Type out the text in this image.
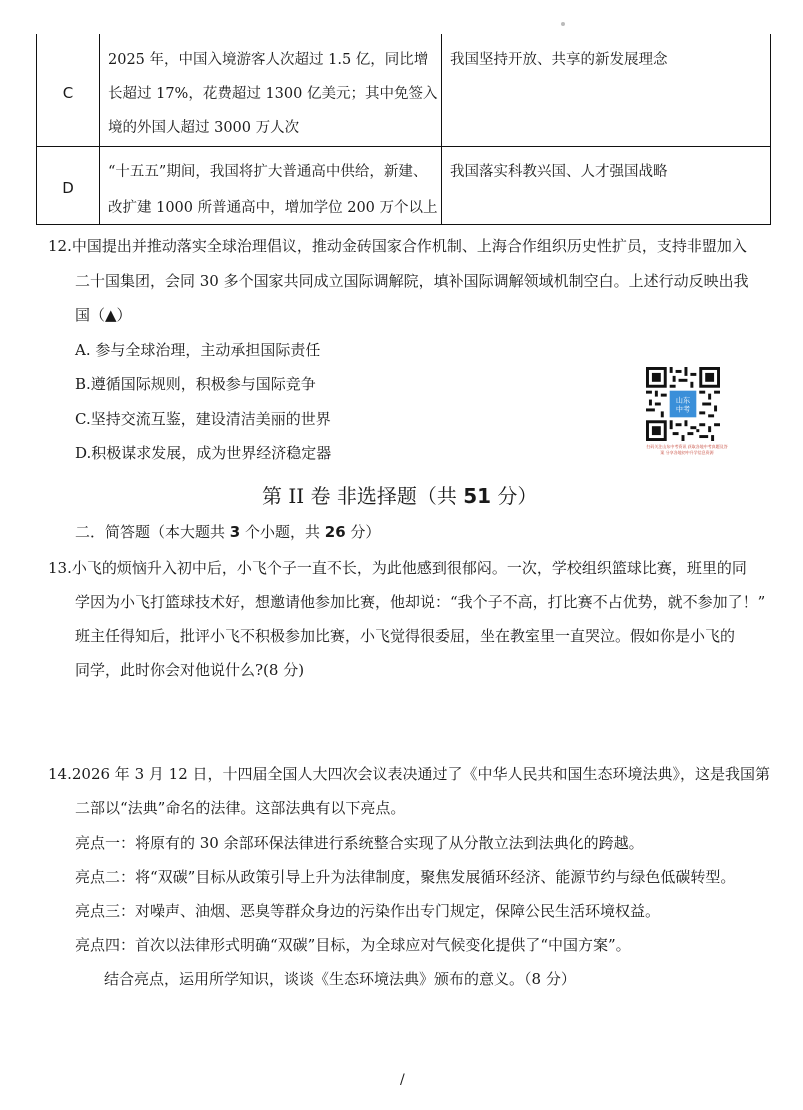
C
2025 年，中国入境游客人次超过 1.5 亿，同比增
长超过 17%，花费超过 1300 亿美元；其中免签入
境的外国人超过 3000 万人次
我国坚持开放、共享的新发展理念
D
“十五五”期间，我国将扩大普通高中供给，新建、
改扩建 1000 所普通高中，增加学位 200 万个以上
我国落实科教兴国、人才强国战略
12.中国提出并推动落实全球治理倡议，推动金砖国家合作机制、上海合作组织历史性扩员，支持非盟加入
二十国集团，会同 30 多个国家共同成立国际调解院，填补国际调解领域机制空白。上述行动反映出我
国（▲）
A. 参与全球治理，主动承担国际责任
B.遵循国际规则，积极参与国际竞争
C.坚持交流互鉴，建设清洁美丽的世界
D.积极谋求发展，成为世界经济稳定器
山东
中考
扫码关注山东中考资讯 获取各地中考真题及答案 分享各地初中升学信息资源
第 II 卷 非选择题（共 51 分）
二．简答题（本大题共 3 个小题，共 26 分）
13.小飞的烦恼升入初中后，小飞个子一直不长，为此他感到很郁闷。一次，学校组织篮球比赛，班里的同
学因为小飞打篮球技术好，想邀请他参加比赛，他却说：“我个子不高，打比赛不占优势，就不参加了！”
班主任得知后，批评小飞不积极参加比赛，小飞觉得很委屈，坐在教室里一直哭泣。假如你是小飞的
同学，此时你会对他说什么?(8 分)
14.2026 年 3 月 12 日，十四届全国人大四次会议表决通过了《中华人民共和国生态环境法典》，这是我国第
二部以“法典”命名的法律。这部法典有以下亮点。
亮点一：将原有的 30 余部环保法律进行系统整合实现了从分散立法到法典化的跨越。
亮点二：将“双碳”目标从政策引导上升为法律制度，聚焦发展循环经济、能源节约与绿色低碳转型。
亮点三：对噪声、油烟、恶臭等群众身边的污染作出专门规定，保障公民生活环境权益。
亮点四：首次以法律形式明确“双碳”目标，为全球应对气候变化提供了“中国方案”。
结合亮点，运用所学知识，谈谈《生态环境法典》颁布的意义。（8 分）
/
